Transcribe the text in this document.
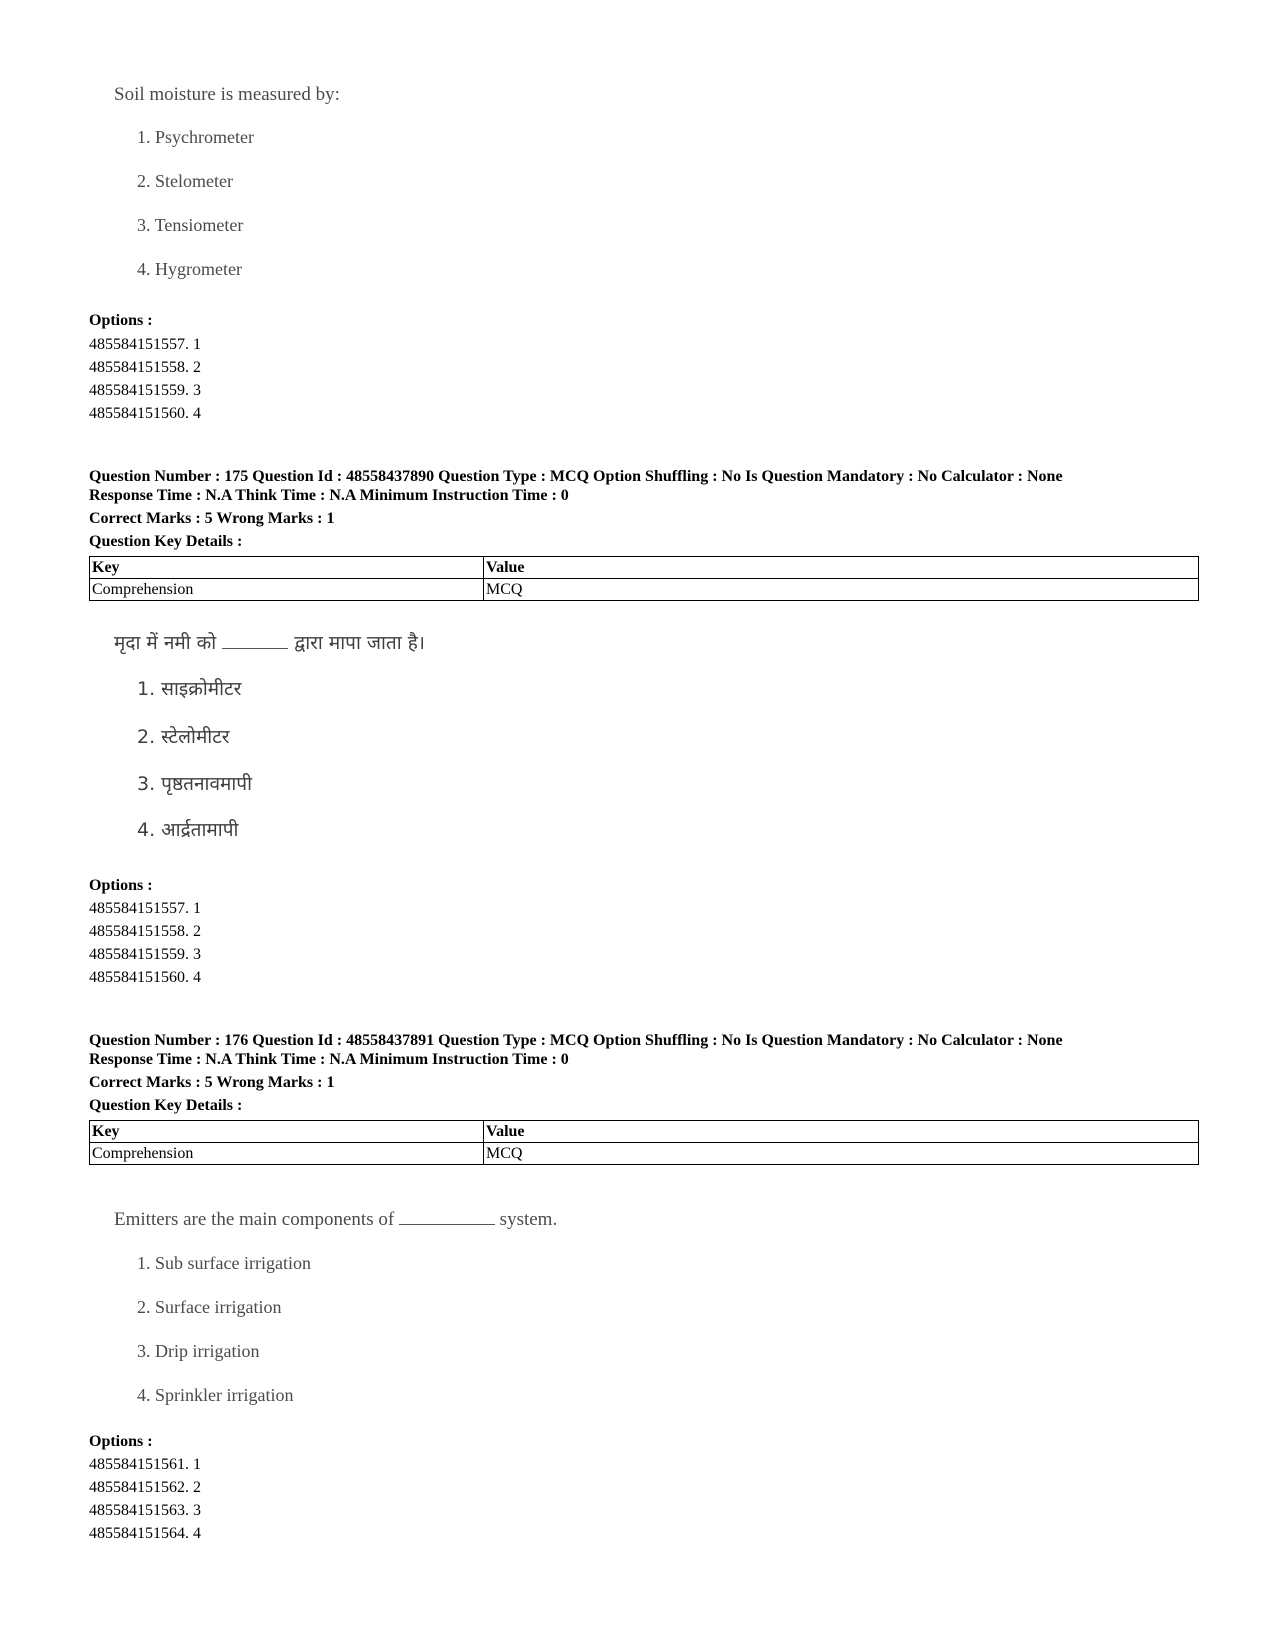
Soil moisture is measured by:
1. Psychrometer
2. Stelometer
3. Tensiometer
4. Hygrometer
Options :
485584151557. 1
485584151558. 2
485584151559. 3
485584151560. 4
Question Number : 175 Question Id : 48558437890 Question Type : MCQ Option Shuffling : No Is Question Mandatory : No Calculator : None
Response Time : N.A Think Time : N.A Minimum Instruction Time : 0
Correct Marks : 5 Wrong Marks : 1
Question Key Details :
Key	Value
Comprehension	MCQ
मृदा में नमी को	द्वारा मापा जाता है।
1. साइक्रोमीटर
2. स्टेलोमीटर
3. पृष्ठतनावमापी
4. आर्द्रतामापी
Options :
485584151557. 1
485584151558. 2
485584151559. 3
485584151560. 4
Question Number : 176 Question Id : 48558437891 Question Type : MCQ Option Shuffling : No Is Question Mandatory : No Calculator : None
Response Time : N.A Think Time : N.A Minimum Instruction Time : 0
Correct Marks : 5 Wrong Marks : 1
Question Key Details :
Key	Value
Comprehension	MCQ
Emitters are the main components of	system.
1. Sub surface irrigation
2. Surface irrigation
3. Drip irrigation
4. Sprinkler irrigation
Options :
485584151561. 1
485584151562. 2
485584151563. 3
485584151564. 4
